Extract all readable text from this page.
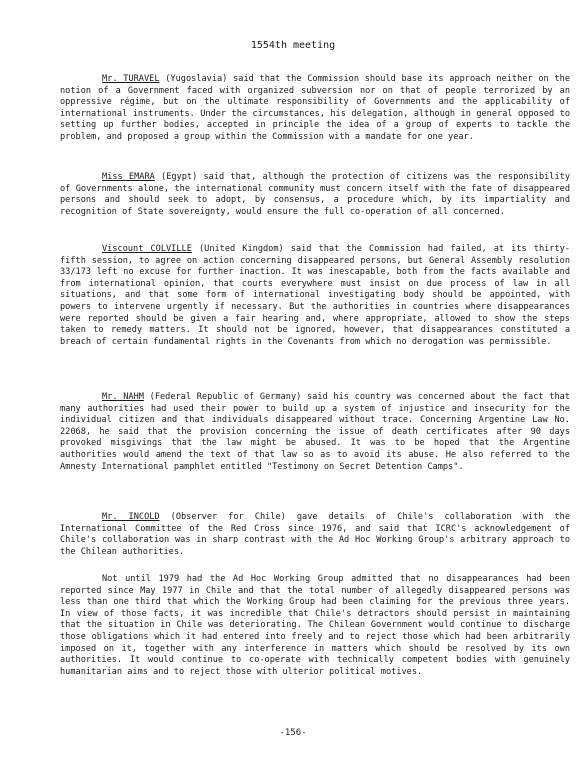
1554th meeting
Mr. TURAVEL (Yugoslavia) said that the Commission should base its approach neither on the notion of a Government faced with organized subversion nor on that of people terrorized by an oppressive régime, but on the ultimate responsibility of Governments and the applicability of international instruments. Under the circumstances, his delegation, although in general opposed to setting up further bodies, accepted in principle the idea of a group of experts to tackle the problem, and proposed a group within the Commission with a mandate for one year.
Miss EMARA (Egypt) said that, although the protection of citizens was the responsibility of Governments alone, the international community must concern itself with the fate of disappeared persons and should seek to adopt, by consensus, a procedure which, by its impartiality and recognition of State sovereignty, would ensure the full co-operation of all concerned.
Viscount COLVILLE (United Kingdom) said that the Commission had failed, at its thirty-fifth session, to agree on action concerning disappeared persons, but General Assembly resolution 33/173 left no excuse for further inaction. It was inescapable, both from the facts available and from international opinion, that courts everywhere must insist on due process of law in all situations, and that some form of international investigating body should be appointed, with powers to intervene urgently if necessary. But the authorities in countries where disappearances were reported should be given a fair hearing and, where appropriate, allowed to show the steps taken to remedy matters. It should not be ignored, however, that disappearances constituted a breach of certain fundamental rights in the Covenants from which no derogation was permissible.
Mr. NAHM (Federal Republic of Germany) said his country was concerned about the fact that many authorities had used their power to build up a system of injustice and insecurity for the individual citizen and that individuals disappeared without trace. Concerning Argentine Law No. 22068, he said that the provision concerning the issue of death certificates after 90 days provoked misgivings that the law might be abused. It was to be hoped that the Argentine authorities would amend the text of that law so as to avoid its abuse. He also referred to the Amnesty International pamphlet entitled "Testimony on Secret Detention Camps".
Mr. INCOLD (Observer for Chile) gave details of Chile's collaboration with the International Committee of the Red Cross since 1976, and said that ICRC's acknowledgement of Chile's collaboration was in sharp contrast with the Ad Hoc Working Group's arbitrary approach to the Chilean authorities.
Not until 1979 had the Ad Hoc Working Group admitted that no disappearances had been reported since May 1977 in Chile and that the total number of allegedly disappeared persons was less than one third that which the Working Group had been claiming for the previous three years. In view of those facts, it was incredible that Chile's detractors should persist in maintaining that the situation in Chile was deteriorating. The Chilean Government would continue to discharge those obligations which it had entered into freely and to reject those which had been arbitrarily imposed on it, together with any interference in matters which should be resolved by its own authorities. It would continue to co-operate with technically competent bodies with genuinely humanitarian aims and to reject those with ulterior political motives.
-156-
